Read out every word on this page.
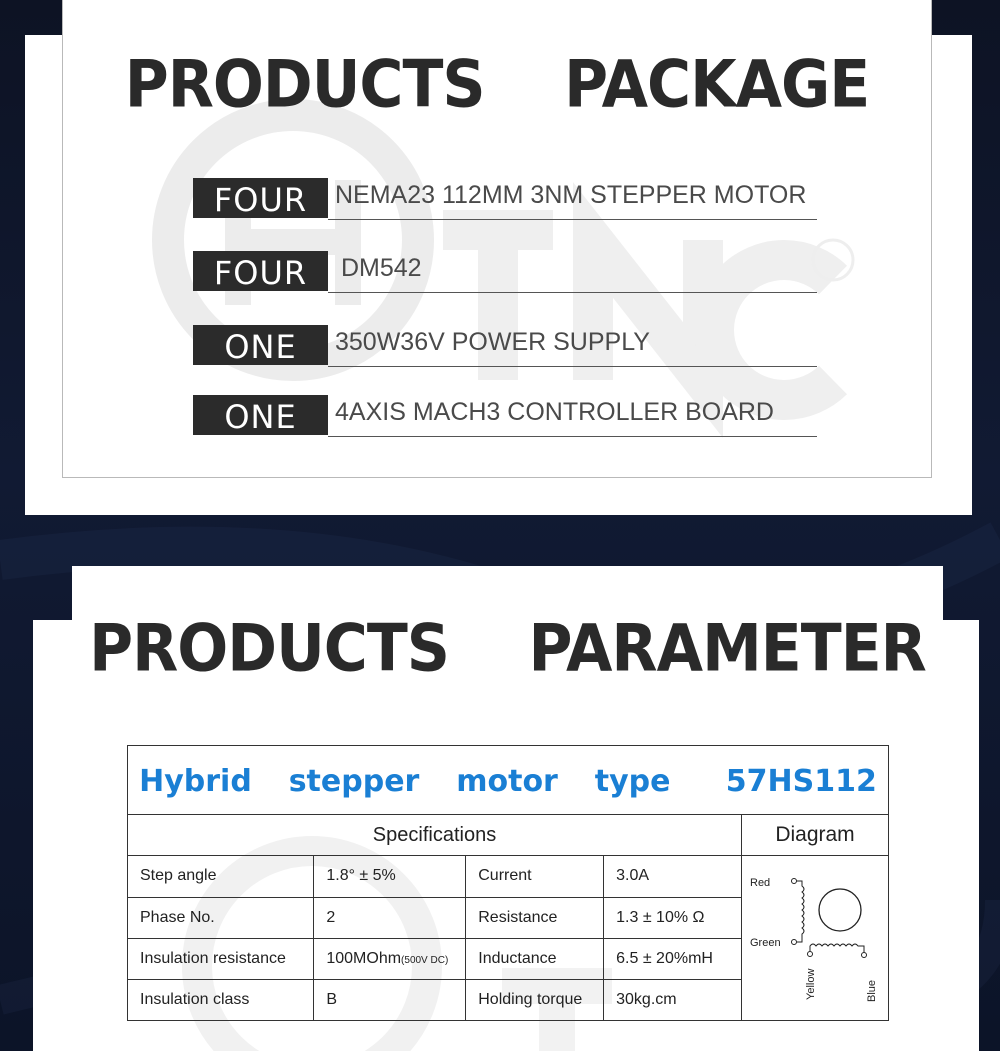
PRODUCTS    PACKAGE
FOUR	NEMA23 112MM 3NM STEPPER MOTOR
FOUR	DM542
ONE	350W36V POWER SUPPLY
ONE	4AXIS MACH3 CONTROLLER BOARD
PRODUCTS    PARAMETER
Hybrid  stepper  motor  type   57HS112
Specifications	Diagram
Step angle	1.8° ± 5%	Current	3.0A
Phase No.	2	Resistance	1.3 ± 10% Ω
Insulation resistance	100MOhm(500V DC)	Inductance	6.5 ± 20%mH
Insulation class	B	Holding torque	30kg.cm
Red
Green
Yellow	Blue
